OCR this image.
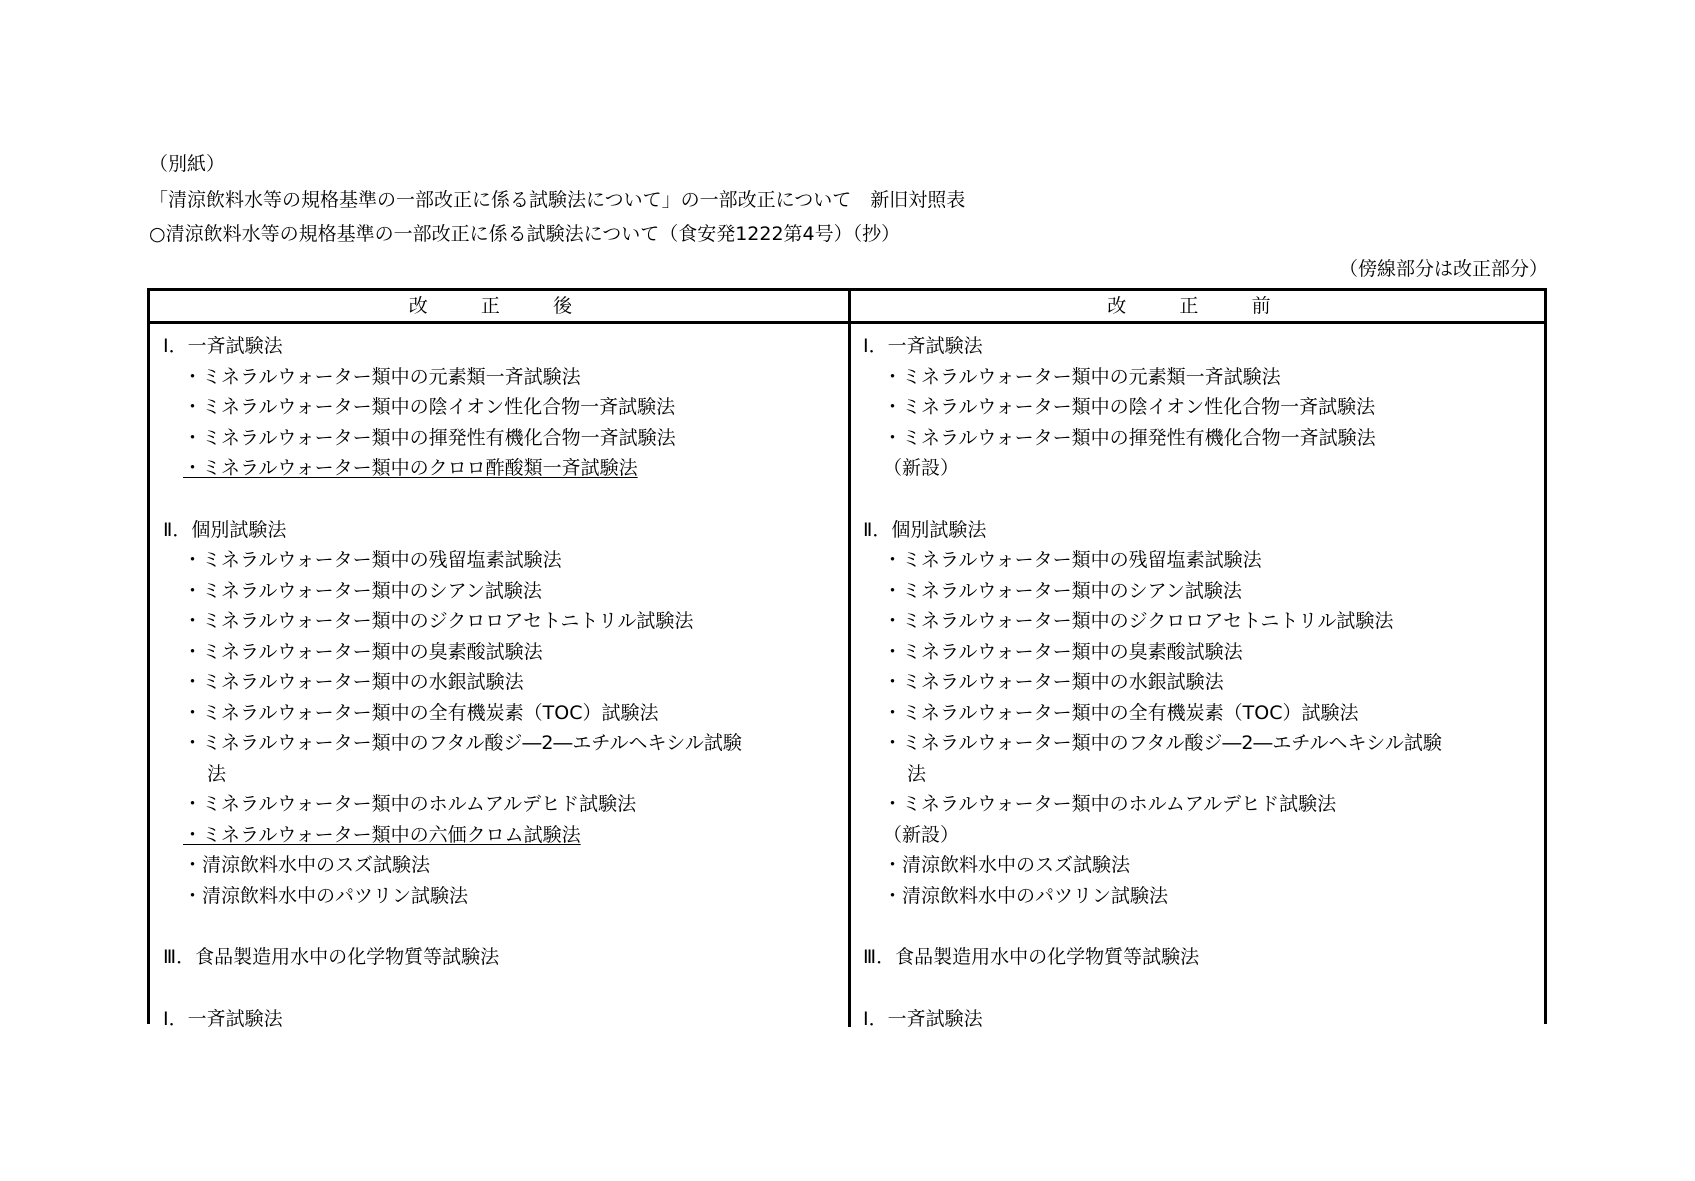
（別紙）
「清涼飲料水等の規格基準の一部改正に係る試験法について」の一部改正について　新旧対照表
○清涼飲料水等の規格基準の一部改正に係る試験法について（食安発1222第4号）（抄）
（傍線部分は改正部分）
改　正　後	改　正　前
Ⅰ．一斉試験法
・ミネラルウォーター類中の元素類一斉試験法
・ミネラルウォーター類中の陰イオン性化合物一斉試験法
・ミネラルウォーター類中の揮発性有機化合物一斉試験法
・ミネラルウォーター類中のクロロ酢酸類一斉試験法
Ⅱ．個別試験法
・ミネラルウォーター類中の残留塩素試験法
・ミネラルウォーター類中のシアン試験法
・ミネラルウォーター類中のジクロロアセトニトリル試験法
・ミネラルウォーター類中の臭素酸試験法
・ミネラルウォーター類中の水銀試験法
・ミネラルウォーター類中の全有機炭素（TOC）試験法
・ミネラルウォーター類中のフタル酸ジ―2―エチルヘキシル試験
法
・ミネラルウォーター類中のホルムアルデヒド試験法
・ミネラルウォーター類中の六価クロム試験法
・清涼飲料水中のスズ試験法
・清涼飲料水中のパツリン試験法
Ⅲ．食品製造用水中の化学物質等試験法
Ⅰ．一斉試験法
Ⅰ．一斉試験法
・ミネラルウォーター類中の元素類一斉試験法
・ミネラルウォーター類中の陰イオン性化合物一斉試験法
・ミネラルウォーター類中の揮発性有機化合物一斉試験法
（新設）
Ⅱ．個別試験法
・ミネラルウォーター類中の残留塩素試験法
・ミネラルウォーター類中のシアン試験法
・ミネラルウォーター類中のジクロロアセトニトリル試験法
・ミネラルウォーター類中の臭素酸試験法
・ミネラルウォーター類中の水銀試験法
・ミネラルウォーター類中の全有機炭素（TOC）試験法
・ミネラルウォーター類中のフタル酸ジ―2―エチルヘキシル試験
法
・ミネラルウォーター類中のホルムアルデヒド試験法
（新設）
・清涼飲料水中のスズ試験法
・清涼飲料水中のパツリン試験法
Ⅲ．食品製造用水中の化学物質等試験法
Ⅰ．一斉試験法
